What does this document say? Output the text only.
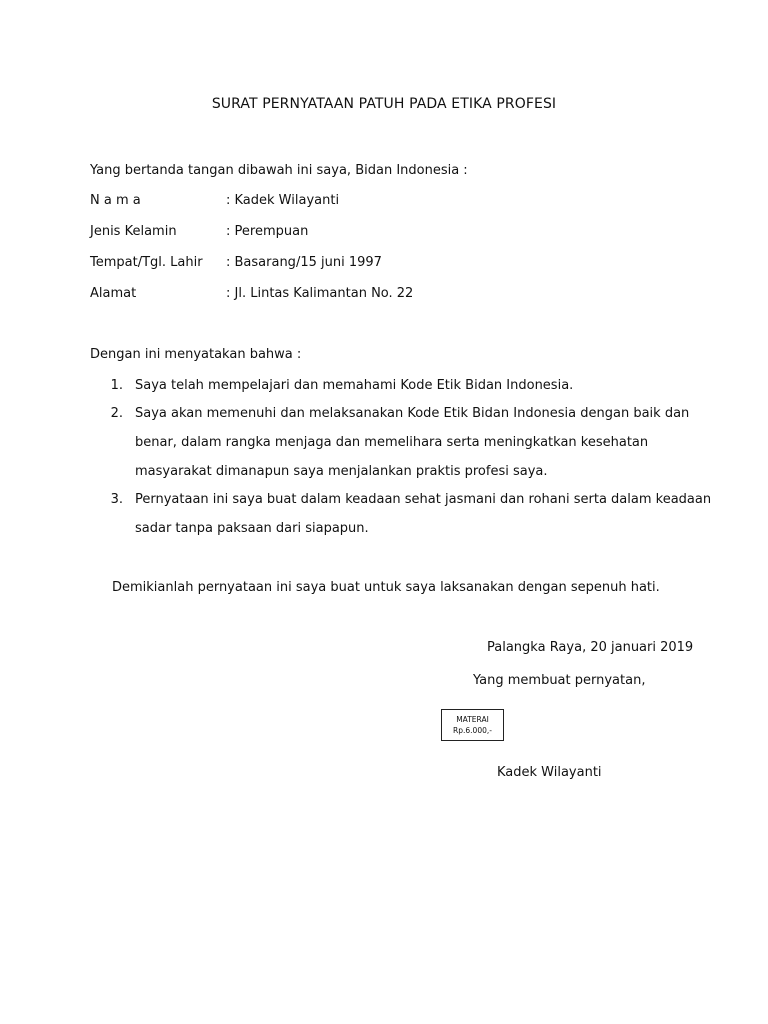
SURAT PERNYATAAN PATUH PADA ETIKA PROFESI
Yang bertanda tangan dibawah ini saya, Bidan Indonesia :
N a m a	: Kadek Wilayanti
Jenis Kelamin	: Perempuan
Tempat/Tgl. Lahir : Basarang/15 juni 1997
Alamat	: Jl. Lintas Kalimantan No. 22
Dengan ini menyatakan bahwa :
1. Saya telah mempelajari dan memahami Kode Etik Bidan Indonesia.
2. Saya akan memenuhi dan melaksanakan Kode Etik Bidan Indonesia dengan baik dan
benar, dalam rangka menjaga dan memelihara serta meningkatkan kesehatan
masyarakat dimanapun saya menjalankan praktis profesi saya.
3. Pernyataan ini saya buat dalam keadaan sehat jasmani dan rohani serta dalam keadaan
sadar tanpa paksaan dari siapapun.
Demikianlah pernyataan ini saya buat untuk saya laksanakan dengan sepenuh hati.
Palangka Raya, 20 januari 2019
Yang membuat pernyatan,
MATERAI
Rp.6.000,-
Kadek Wilayanti
